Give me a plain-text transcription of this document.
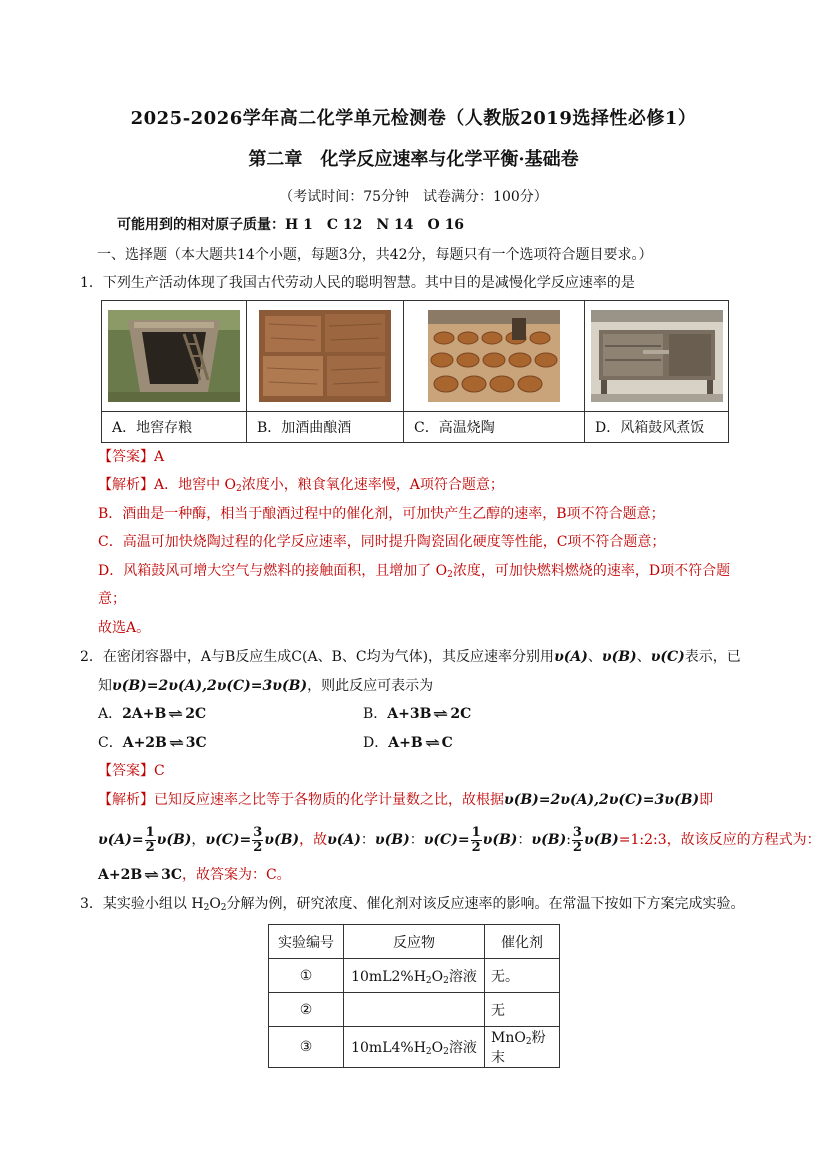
2025-2026学年高二化学单元检测卷（人教版2019选择性必修1）
第二章　化学反应速率与化学平衡·基础卷
（考试时间：75分钟　试卷满分：100分）
可能用到的相对原子质量：H 1　C 12　N 14　O 16
一、选择题（本大题共14个小题，每题3分，共42分，每题只有一个选项符合题目要求。）
1．下列生产活动体现了我国古代劳动人民的聪明智慧。其中目的是减慢化学反应速率的是

A．地窖存粮	B．加酒曲酿酒	C．高温烧陶	D．风箱鼓风煮饭
【答案】A
【解析】A．地窖中 $O_2$浓度小，粮食氧化速率慢，A项符合题意；
B．酒曲是一种酶，相当于酿酒过程中的催化剂，可加快产生乙醇的速率，B项不符合题意；
C．高温可加快烧陶过程的化学反应速率，同时提升陶瓷固化硬度等性能，C项不符合题意；
D．风箱鼓风可增大空气与燃料的接触面积，且增加了 $O_2$浓度，可加快燃料燃烧的速率，D项不符合题
意；
故选A。
2．在密闭容器中，A与B反应生成C(A、B、C均为气体)，其反应速率分别用υ(A)、υ(B)、υ(C)表示，已
知υ(B)=2υ(A),2υ(C)=3υ(B)，则此反应可表示为
A．2A+B ⇌ 2C	B．A+3B ⇌ 2C
C．A+2B ⇌ 3C	D．A+B ⇌ C
【答案】C
【解析】已知反应速率之比等于各物质的化学计量数之比，故根据υ(B)=2υ(A),2υ(C)=3υ(B)即
$\upsilon(A)= \frac{1}{2} \upsilon(B)$，$\upsilon(C)= \frac{3}{2} \upsilon(B)$，故υ(A)：υ(B)：$\upsilon(C)= \frac{1}{2} \upsilon(B)$：υ(B): $\frac{3}{2}$ υ(B)=1:2:3，故该反应的方程式为：
A+2B ⇌ 3C，故答案为：C。
3．某实验小组以 $H_2O_2$分解为例，研究浓度、催化剂对该反应速率的影响。在常温下按如下方案完成实验。
实验编号	反应物	催化剂
①	$10mL2\%H_2O_2$溶液	无。
②		无
③	$10mL4\%H_2O_2$溶液	MnO$_2$粉末
